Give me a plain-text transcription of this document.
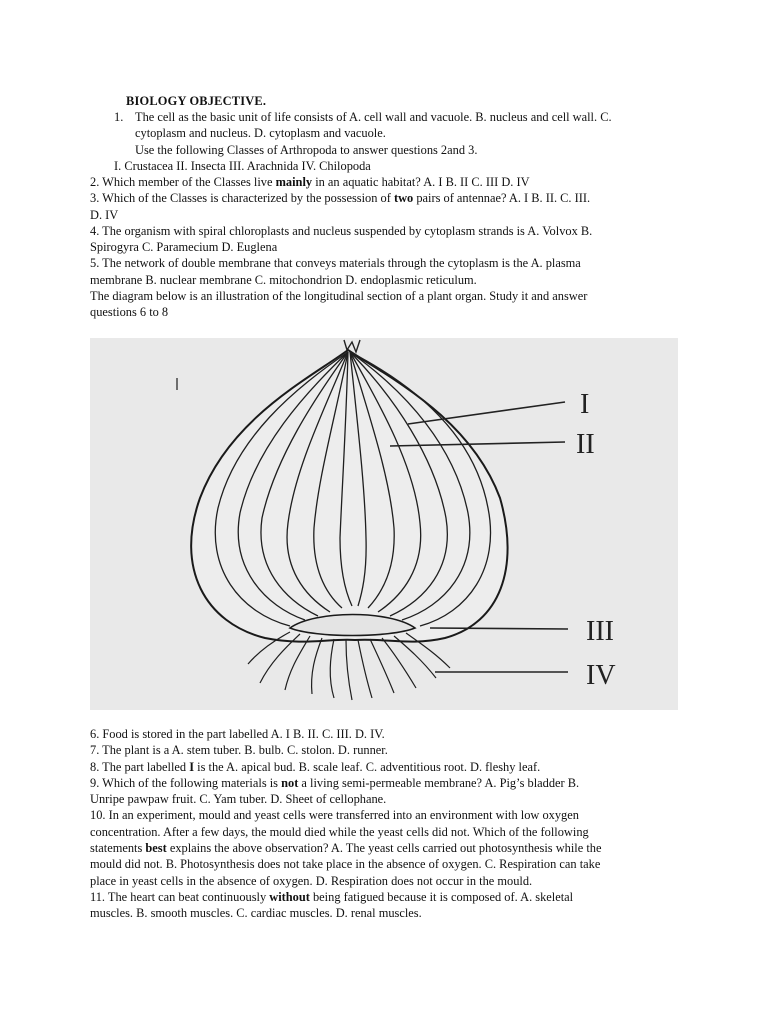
BIOLOGY OBJECTIVE.
1. The cell as the basic unit of life consists of A. cell wall and vacuole. B. nucleus and cell wall. C.
cytoplasm and nucleus. D. cytoplasm and vacuole.
Use the following Classes of Arthropoda to answer questions 2and 3.
I. Crustacea II. Insecta III. Arachnida IV. Chilopoda
2. Which member of the Classes live mainly in an aquatic habitat? A. I B. II C. III D. IV
3. Which of the Classes is characterized by the possession of two pairs of antennae? A. I B. II. C. III.
D. IV
4. The organism with spiral chloroplasts and nucleus suspended by cytoplasm strands is A. Volvox B.
Spirogyra C. Paramecium D. Euglena
5. The network of double membrane that conveys materials through the cytoplasm is the A. plasma
membrane B. nuclear membrane C. mitochondrion D. endoplasmic reticulum.
The diagram below is an illustration of the longitudinal section of a plant organ. Study it and answer
questions 6 to 8
I
II
III
IV
6. Food is stored in the part labelled A. I B. II. C. III. D. IV.
7. The plant is a A. stem tuber. B. bulb. C. stolon. D. runner.
8. The part labelled I is the A. apical bud. B. scale leaf. C. adventitious root. D. fleshy leaf.
9. Which of the following materials is not a living semi-permeable membrane? A. Pig’s bladder B.
Unripe pawpaw fruit. C. Yam tuber. D. Sheet of cellophane.
10. In an experiment, mould and yeast cells were transferred into an environment with low oxygen
concentration. After a few days, the mould died while the yeast cells did not. Which of the following
statements best explains the above observation? A. The yeast cells carried out photosynthesis while the
mould did not. B. Photosynthesis does not take place in the absence of oxygen. C. Respiration can take
place in yeast cells in the absence of oxygen. D. Respiration does not occur in the mould.
11. The heart can beat continuously without being fatigued because it is composed of. A. skeletal
muscles. B. smooth muscles. C. cardiac muscles. D. renal muscles.
